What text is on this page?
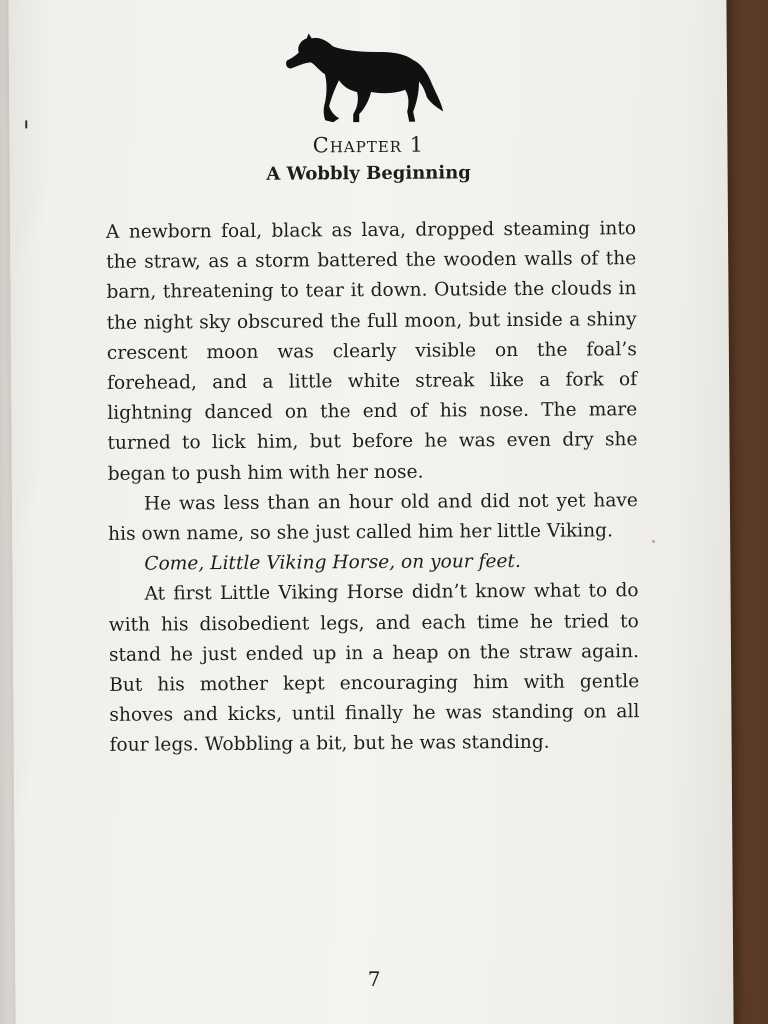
Chapter 1
A Wobbly Beginning

A newborn foal, black as lava, dropped steaming into the straw, as a storm battered the wooden walls of the barn, threatening to tear it down. Outside the clouds in the night sky obscured the full moon, but inside a shiny crescent moon was clearly visible on the foal’s forehead, and a little white streak like a fork of lightning danced on the end of his nose. The mare turned to lick him, but before he was even dry she began to push him with her nose.

He was less than an hour old and did not yet have his own name, so she just called him her little Viking.

Come, Little Viking Horse, on your feet.

At first Little Viking Horse didn’t know what to do with his disobedient legs, and each time he tried to stand he just ended up in a heap on the straw again. But his mother kept encouraging him with gentle shoves and kicks, until finally he was standing on all four legs. Wobbling a bit, but he was standing.

7
